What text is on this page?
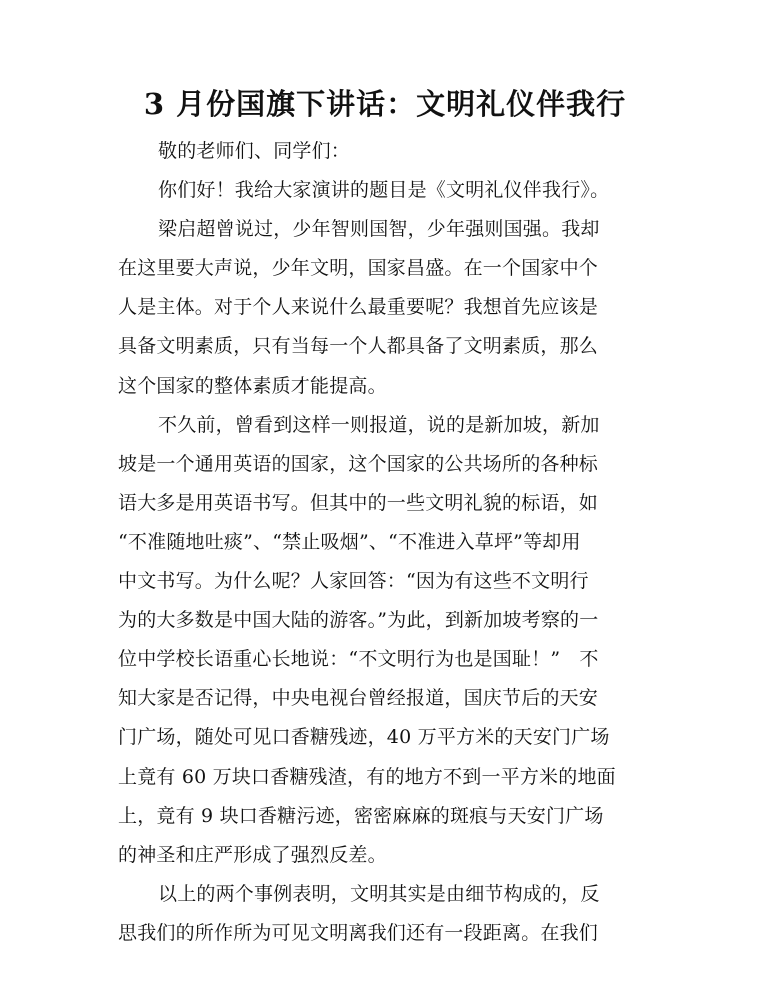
3 月份国旗下讲话：文明礼仪伴我行
敬的老师们、同学们：
你们好！我给大家演讲的题目是《文明礼仪伴我行》。
梁启超曾说过，少年智则国智，少年强则国强。我却
在这里要大声说，少年文明，国家昌盛。在一个国家中个
人是主体。对于个人来说什么最重要呢？我想首先应该是
具备文明素质，只有当每一个人都具备了文明素质，那么
这个国家的整体素质才能提高。
不久前，曾看到这样一则报道，说的是新加坡，新加
坡是一个通用英语的国家，这个国家的公共场所的各种标
语大多是用英语书写。但其中的一些文明礼貌的标语，如
“不准随地吐痰”、“禁止吸烟”、“不准进入草坪”等却用
中文书写。为什么呢？人家回答：“因为有这些不文明行
为的大多数是中国大陆的游客。”为此，到新加坡考察的一
位中学校长语重心长地说：“不文明行为也是国耻！”　不
知大家是否记得，中央电视台曾经报道，国庆节后的天安
门广场，随处可见口香糖残迹，40 万平方米的天安门广场
上竟有 60 万块口香糖残渣，有的地方不到一平方米的地面
上，竟有 9 块口香糖污迹，密密麻麻的斑痕与天安门广场
的神圣和庄严形成了强烈反差。
以上的两个事例表明，文明其实是由细节构成的，反
思我们的所作所为可见文明离我们还有一段距离。在我们
